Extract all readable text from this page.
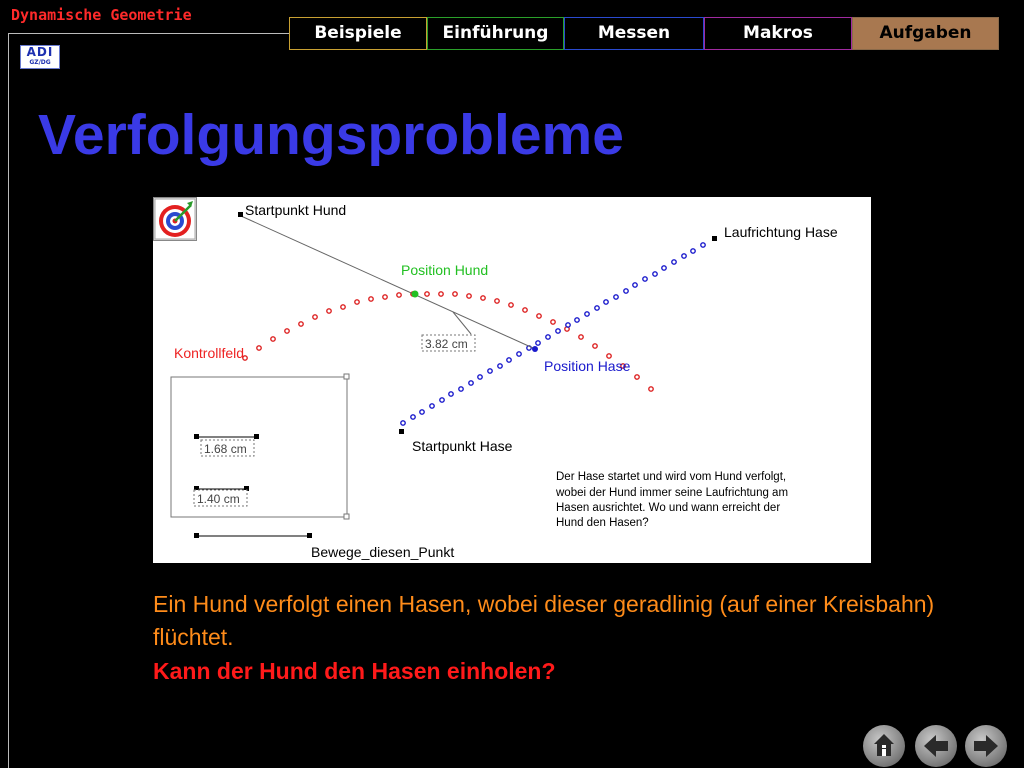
Dynamische Geometrie
ADI
GZ/DG
Beispiele	Einführung	Messen	Makros	Aufgaben
Verfolgungsprobleme
Startpunkt Hund
Laufrichtung Hase
Position Hund
3.82 cm
Position Hase
Kontrollfeld
Startpunkt Hase
1.68 cm
1.40 cm
Bewege_diesen_Punkt
Der Hase startet und wird vom Hund verfolgt, wobei der Hund immer seine Laufrichtung am Hasen ausrichtet. Wo und wann erreicht der Hund den Hasen?
Ein Hund verfolgt einen Hasen, wobei dieser geradlinig (auf einer Kreisbahn) flüchtet.
Kann der Hund den Hasen einholen?
